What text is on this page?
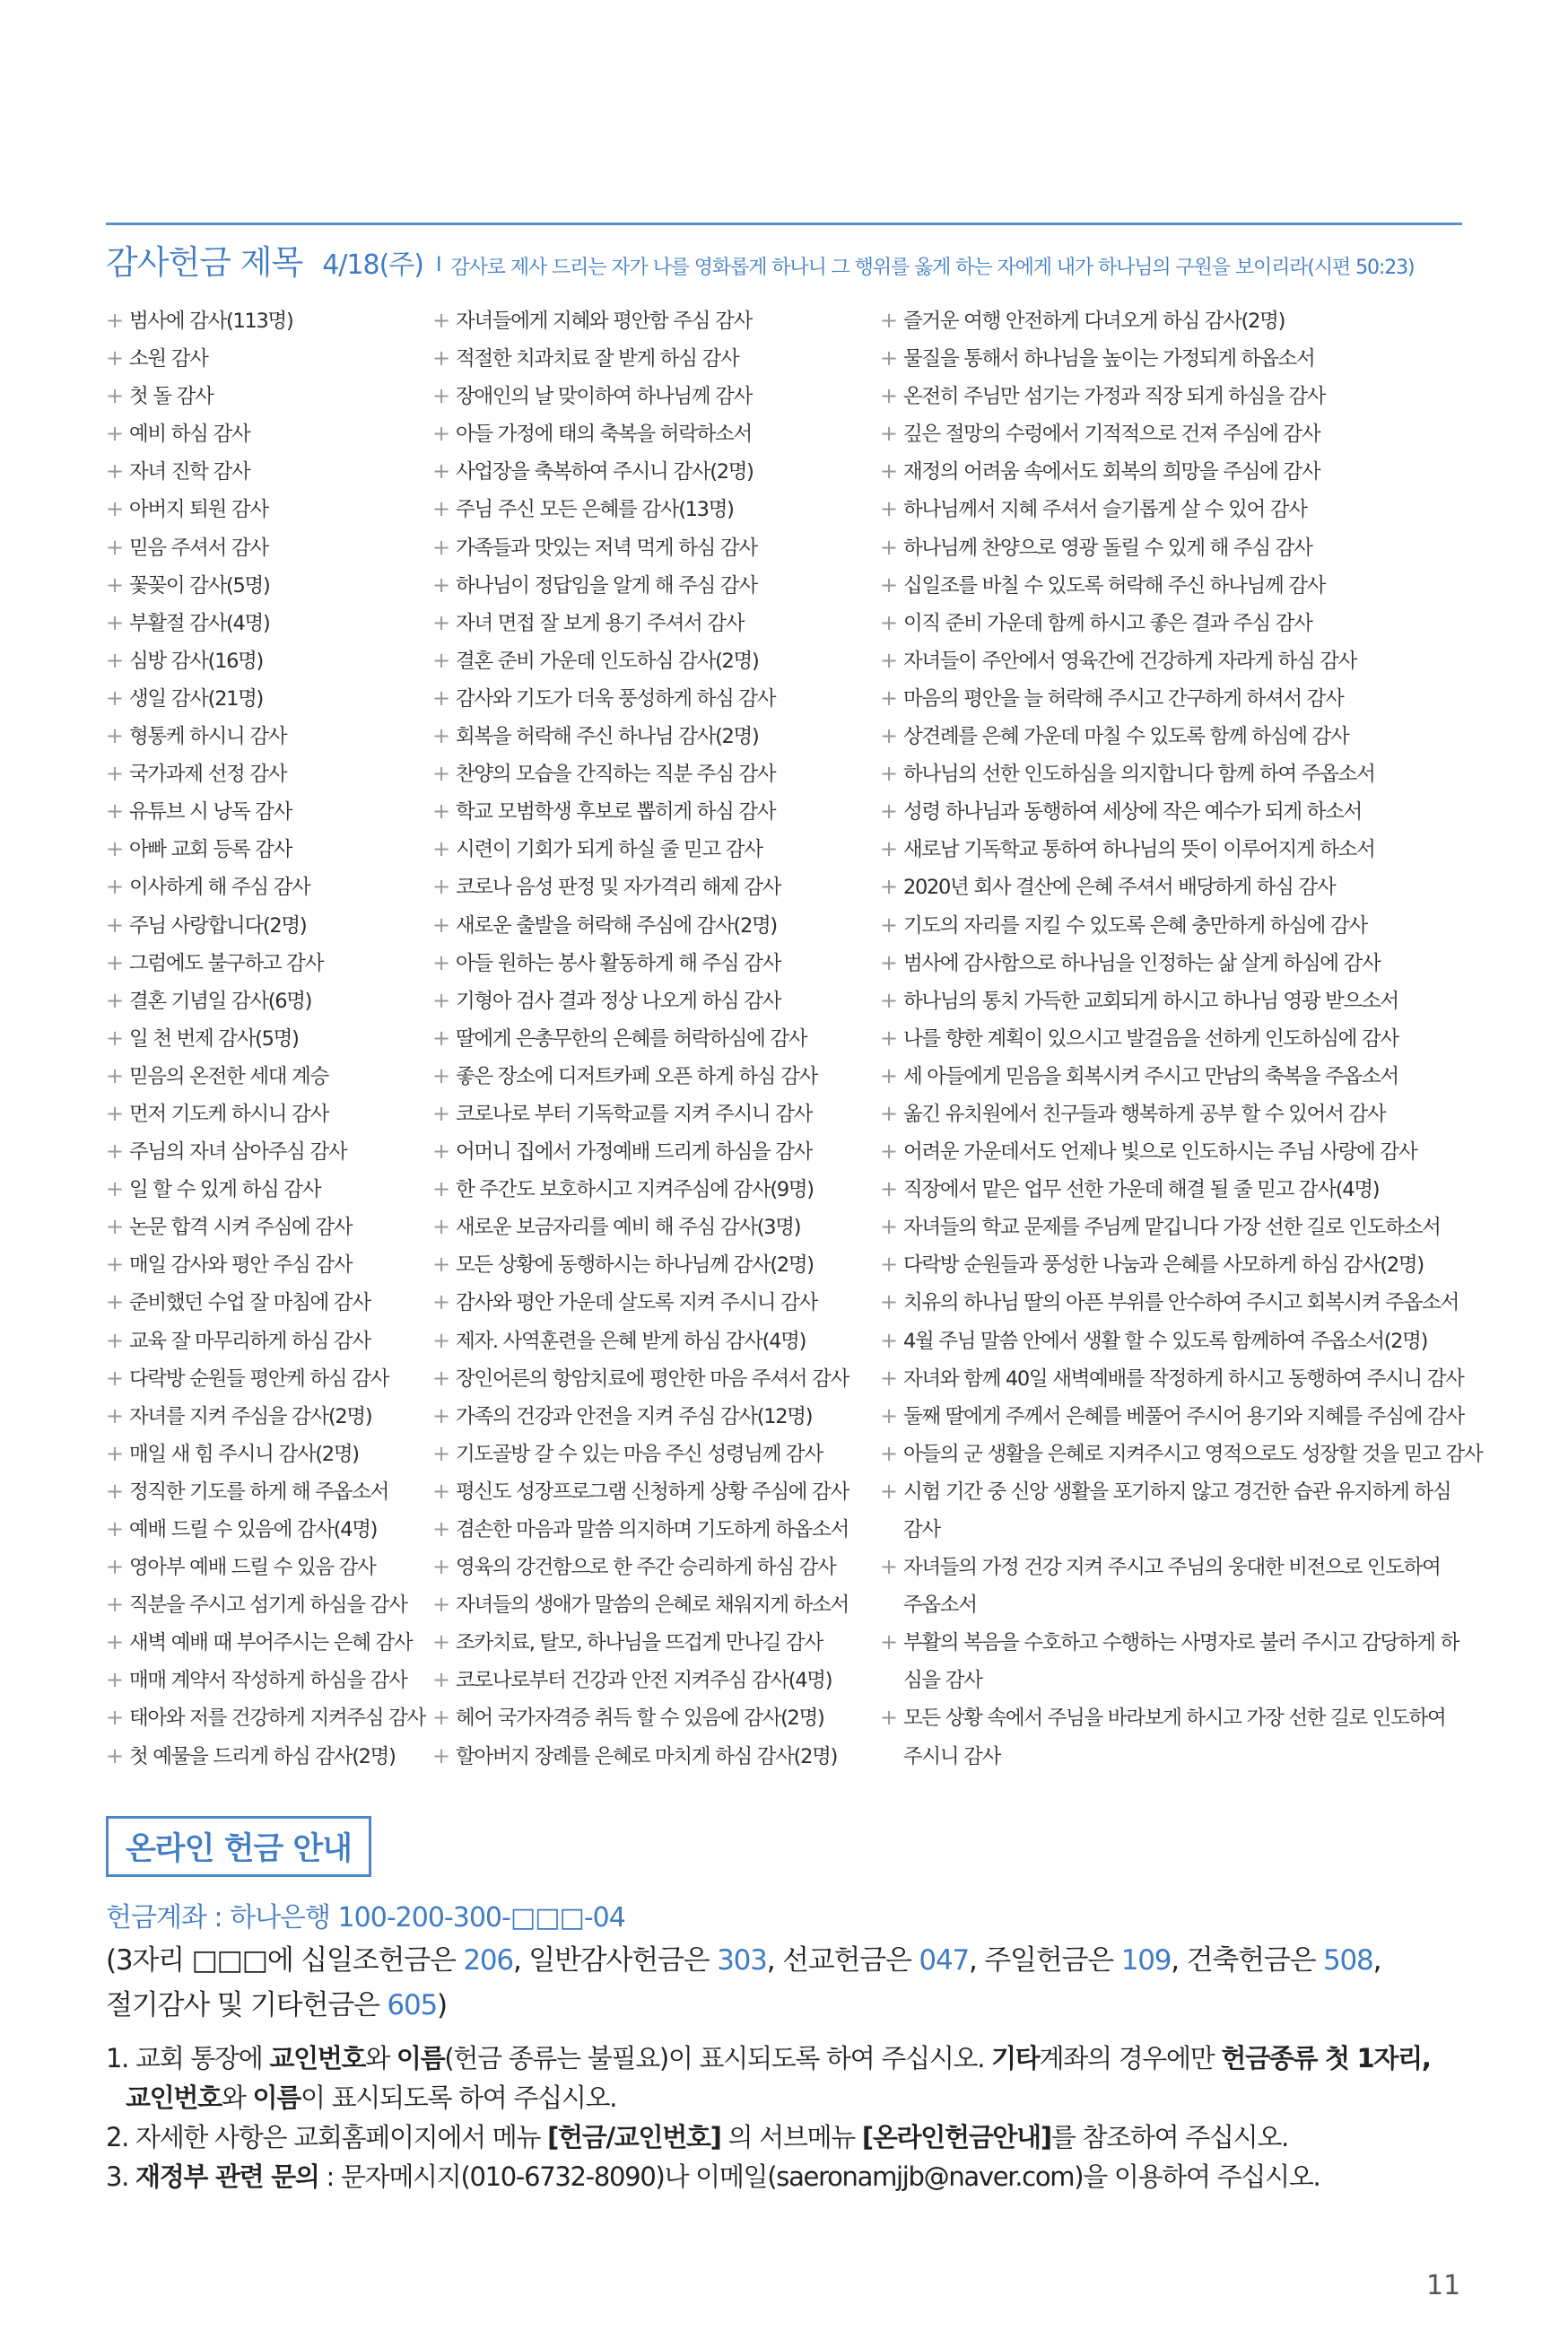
감사헌금 제목 4/18(주) I 감사로 제사 드리는 자가 나를 영화롭게 하나니 그 행위를 옳게 하는 자에게 내가 하나님의 구원을 보이리라(시편 50:23)
+ 범사에 감사(113명)
+ 소원 감사
+ 첫 돌 감사
+ 예비 하심 감사
+ 자녀 진학 감사
+ 아버지 퇴원 감사
+ 믿음 주셔서 감사
+ 꽃꽂이 감사(5명)
+ 부활절 감사(4명)
+ 심방 감사(16명)
+ 생일 감사(21명)
+ 형통케 하시니 감사
+ 국가과제 선정 감사
+ 유튜브 시 낭독 감사
+ 아빠 교회 등록 감사
+ 이사하게 해 주심 감사
+ 주님 사랑합니다(2명)
+ 그럼에도 불구하고 감사
+ 결혼 기념일 감사(6명)
+ 일 천 번제 감사(5명)
+ 믿음의 온전한 세대 계승
+ 먼저 기도케 하시니 감사
+ 주님의 자녀 삼아주심 감사
+ 일 할 수 있게 하심 감사
+ 논문 합격 시켜 주심에 감사
+ 매일 감사와 평안 주심 감사
+ 준비했던 수업 잘 마침에 감사
+ 교육 잘 마무리하게 하심 감사
+ 다락방 순원들 평안케 하심 감사
+ 자녀를 지켜 주심을 감사(2명)
+ 매일 새 힘 주시니 감사(2명)
+ 정직한 기도를 하게 해 주옵소서
+ 예배 드릴 수 있음에 감사(4명)
+ 영아부 예배 드릴 수 있음 감사
+ 직분을 주시고 섬기게 하심을 감사
+ 새벽 예배 때 부어주시는 은혜 감사
+ 매매 계약서 작성하게 하심을 감사
+ 태아와 저를 건강하게 지켜주심 감사
+ 첫 예물을 드리게 하심 감사(2명)
+ 자녀들에게 지혜와 평안함 주심 감사
+ 적절한 치과치료 잘 받게 하심 감사
+ 장애인의 날 맞이하여 하나님께 감사
+ 아들 가정에 태의 축복을 허락하소서
+ 사업장을 축복하여 주시니 감사(2명)
+ 주님 주신 모든 은혜를 감사(13명)
+ 가족들과 맛있는 저녁 먹게 하심 감사
+ 하나님이 정답임을 알게 해 주심 감사
+ 자녀 면접 잘 보게 용기 주셔서 감사
+ 결혼 준비 가운데 인도하심 감사(2명)
+ 감사와 기도가 더욱 풍성하게 하심 감사
+ 회복을 허락해 주신 하나님 감사(2명)
+ 찬양의 모습을 간직하는 직분 주심 감사
+ 학교 모범학생 후보로 뽑히게 하심 감사
+ 시련이 기회가 되게 하실 줄 믿고 감사
+ 코로나 음성 판정 및 자가격리 해제 감사
+ 새로운 출발을 허락해 주심에 감사(2명)
+ 아들 원하는 봉사 활동하게 해 주심 감사
+ 기형아 검사 결과 정상 나오게 하심 감사
+ 딸에게 은총무한의 은혜를 허락하심에 감사
+ 좋은 장소에 디저트카페 오픈 하게 하심 감사
+ 코로나로 부터 기독학교를 지켜 주시니 감사
+ 어머니 집에서 가정예배 드리게 하심을 감사
+ 한 주간도 보호하시고 지켜주심에 감사(9명)
+ 새로운 보금자리를 예비 해 주심 감사(3명)
+ 모든 상황에 동행하시는 하나님께 감사(2명)
+ 감사와 평안 가운데 살도록 지켜 주시니 감사
+ 제자. 사역훈련을 은혜 받게 하심 감사(4명)
+ 장인어른의 항암치료에 평안한 마음 주셔서 감사
+ 가족의 건강과 안전을 지켜 주심 감사(12명)
+ 기도골방 갈 수 있는 마음 주신 성령님께 감사
+ 평신도 성장프로그램 신청하게 상황 주심에 감사
+ 겸손한 마음과 말씀 의지하며 기도하게 하옵소서
+ 영육의 강건함으로 한 주간 승리하게 하심 감사
+ 자녀들의 생애가 말씀의 은혜로 채워지게 하소서
+ 조카치료, 탈모, 하나님을 뜨겁게 만나길 감사
+ 코로나로부터 건강과 안전 지켜주심 감사(4명)
+ 헤어 국가자격증 취득 할 수 있음에 감사(2명)
+ 할아버지 장례를 은혜로 마치게 하심 감사(2명)
+ 즐거운 여행 안전하게 다녀오게 하심 감사(2명)
+ 물질을 통해서 하나님을 높이는 가정되게 하옵소서
+ 온전히 주님만 섬기는 가정과 직장 되게 하심을 감사
+ 깊은 절망의 수렁에서 기적적으로 건져 주심에 감사
+ 재정의 어려움 속에서도 회복의 희망을 주심에 감사
+ 하나님께서 지혜 주셔서 슬기롭게 살 수 있어 감사
+ 하나님께 찬양으로 영광 돌릴 수 있게 해 주심 감사
+ 십일조를 바칠 수 있도록 허락해 주신 하나님께 감사
+ 이직 준비 가운데 함께 하시고 좋은 결과 주심 감사
+ 자녀들이 주안에서 영육간에 건강하게 자라게 하심 감사
+ 마음의 평안을 늘 허락해 주시고 간구하게 하셔서 감사
+ 상견례를 은혜 가운데 마칠 수 있도록 함께 하심에 감사
+ 하나님의 선한 인도하심을 의지합니다 함께 하여 주옵소서
+ 성령 하나님과 동행하여 세상에 작은 예수가 되게 하소서
+ 새로남 기독학교 통하여 하나님의 뜻이 이루어지게 하소서
+ 2020년 회사 결산에 은혜 주셔서 배당하게 하심 감사
+ 기도의 자리를 지킬 수 있도록 은혜 충만하게 하심에 감사
+ 범사에 감사함으로 하나님을 인정하는 삶 살게 하심에 감사
+ 하나님의 통치 가득한 교회되게 하시고 하나님 영광 받으소서
+ 나를 향한 계획이 있으시고 발걸음을 선하게 인도하심에 감사
+ 세 아들에게 믿음을 회복시켜 주시고 만남의 축복을 주옵소서
+ 옮긴 유치원에서 친구들과 행복하게 공부 할 수 있어서 감사
+ 어려운 가운데서도 언제나 빛으로 인도하시는 주님 사랑에 감사
+ 직장에서 맡은 업무 선한 가운데 해결 될 줄 믿고 감사(4명)
+ 자녀들의 학교 문제를 주님께 맡깁니다 가장 선한 길로 인도하소서
+ 다락방 순원들과 풍성한 나눔과 은혜를 사모하게 하심 감사(2명)
+ 치유의 하나님 딸의 아픈 부위를 안수하여 주시고 회복시켜 주옵소서
+ 4월 주님 말씀 안에서 생활 할 수 있도록 함께하여 주옵소서(2명)
+ 자녀와 함께 40일 새벽예배를 작정하게 하시고 동행하여 주시니 감사
+ 둘째 딸에게 주께서 은혜를 베풀어 주시어 용기와 지혜를 주심에 감사
+ 아들의 군 생활을 은혜로 지켜주시고 영적으로도 성장할 것을 믿고 감사
+ 시험 기간 중 신앙 생활을 포기하지 않고 경건한 습관 유지하게 하심
감사
+ 자녀들의 가정 건강 지켜 주시고 주님의 웅대한 비전으로 인도하여
주옵소서
+ 부활의 복음을 수호하고 수행하는 사명자로 불러 주시고 감당하게 하
심을 감사
+ 모든 상황 속에서 주님을 바라보게 하시고 가장 선한 길로 인도하여
주시니 감사
온라인 헌금 안내
헌금계좌 : 하나은행 100-200-300-□□□-04
(3자리 □□□에 십일조헌금은 206, 일반감사헌금은 303, 선교헌금은 047, 주일헌금은 109, 건축헌금은 508,
절기감사 및 기타헌금은 605)

1. 교회 통장에 교인번호와 이름(헌금 종류는 불필요)이 표시되도록 하여 주십시오. 기타계좌의 경우에만 헌금종류 첫 1자리,

교인번호와 이름이 표시되도록 하여 주십시오.

2. 자세한 사항은 교회홈페이지에서 메뉴 [헌금/교인번호] 의 서브메뉴 [온라인헌금안내]를 참조하여 주십시오.

3. 재정부 관련 문의 : 문자메시지(010-6732-8090)나 이메일(saeronamjjb@naver.com)을 이용하여 주십시오.

11
